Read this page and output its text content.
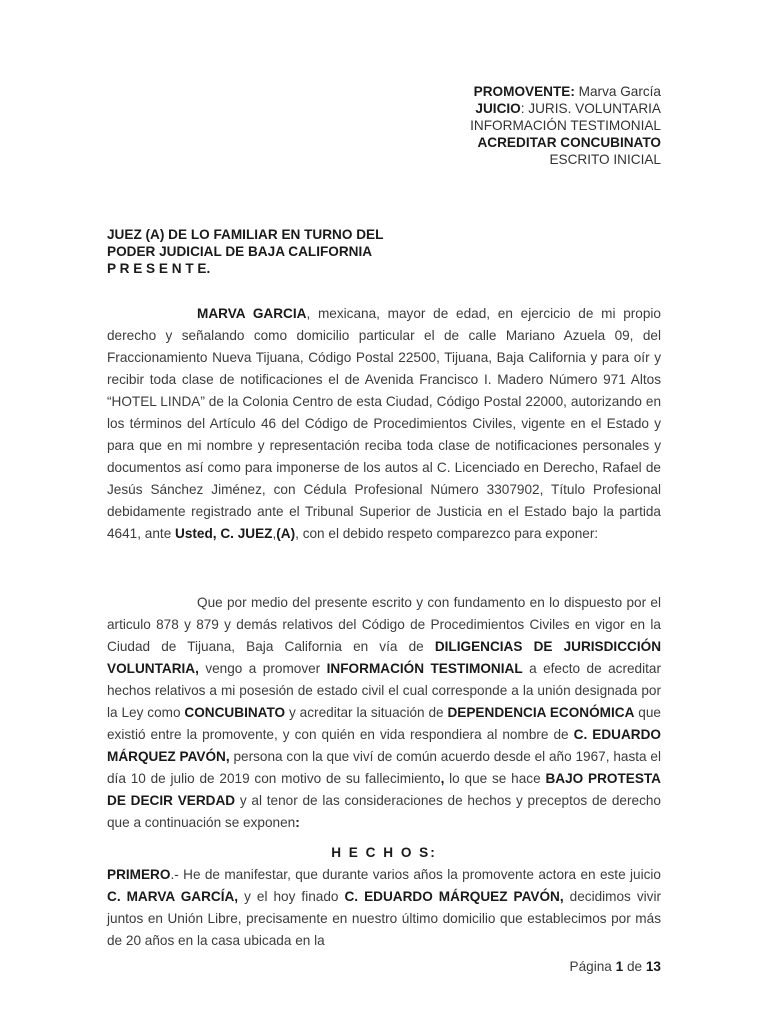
PROMOVENTE: Marva García
JUICIO: JURIS. VOLUNTARIA
INFORMACIÓN TESTIMONIAL
ACREDITAR CONCUBINATO
ESCRITO INICIAL
JUEZ (A) DE LO FAMILIAR EN TURNO DEL
PODER JUDICIAL DE BAJA CALIFORNIA
P R E S E N T E.
MARVA GARCIA, mexicana, mayor de edad, en ejercicio de mi propio derecho y señalando como domicilio particular el de calle Mariano Azuela 09, del Fraccionamiento Nueva Tijuana, Código Postal 22500, Tijuana, Baja California y para oír y recibir toda clase de notificaciones el de Avenida Francisco I. Madero Número 971 Altos “HOTEL LINDA” de la Colonia Centro de esta Ciudad, Código Postal 22000, autorizando en los términos del Artículo 46 del Código de Procedimientos Civiles, vigente en el Estado y para que en mi nombre y representación reciba toda clase de notificaciones personales y documentos así como para imponerse de los autos al C. Licenciado en Derecho, Rafael de Jesús Sánchez Jiménez, con Cédula Profesional Número 3307902, Título Profesional debidamente registrado ante el Tribunal Superior de Justicia en el Estado bajo la partida 4641, ante Usted, C. JUEZ,(A), con el debido respeto comparezco para exponer:
Que por medio del presente escrito y con fundamento en lo dispuesto por el articulo 878 y 879 y demás relativos del Código de Procedimientos Civiles en vigor en la Ciudad de Tijuana, Baja California en vía de DILIGENCIAS DE JURISDICCIÓN VOLUNTARIA, vengo a promover INFORMACIÓN TESTIMONIAL a efecto de acreditar hechos relativos a mi posesión de estado civil el cual corresponde a la unión designada por la Ley como CONCUBINATO y acreditar la situación de DEPENDENCIA ECONÓMICA que existió entre la promovente, y con quién en vida respondiera al nombre de C. EDUARDO MÁRQUEZ PAVÓN, persona con la que viví de común acuerdo desde el año 1967, hasta el día 10 de julio de 2019 con motivo de su fallecimiento, lo que se hace BAJO PROTESTA DE DECIR VERDAD y al tenor de las consideraciones de hechos y preceptos de derecho que a continuación se exponen:
H E C H O S:
PRIMERO.- He de manifestar, que durante varios años la promovente actora en este juicio C. MARVA GARCÍA, y el hoy finado C. EDUARDO MÁRQUEZ PAVÓN, decidimos vivir juntos en Unión Libre, precisamente en nuestro último domicilio que establecimos por más de 20 años en la casa ubicada en la
Página 1 de 13
